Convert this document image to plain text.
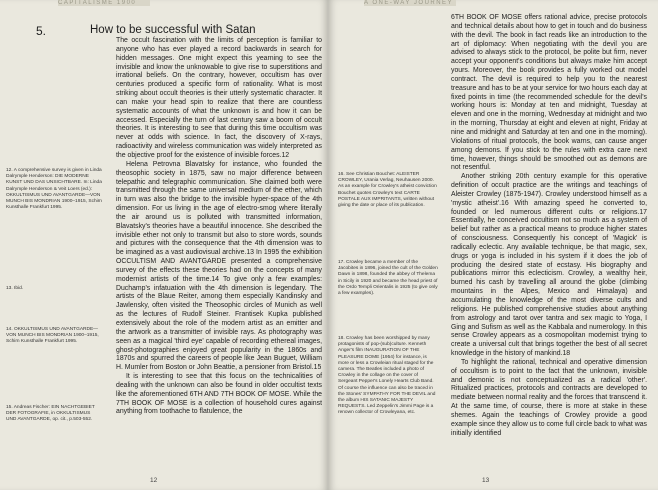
CAPITALISME 1900
5.	How to be successful with Satan

The occult fascination with the limits of perception is familiar to anyone who has ever played a record backwards in search for hidden messages. One might expect this yearning to see the invisible and know the unknowable to give rise to superstitions and irrational beliefs. On the contrary, however, occultism has over centuries produced a specific form of rationality. What is most striking about occult theories is their utterly systematic character. It can make your head spin to realize that there are countless systematic accounts of what the unknown is and how it can be accessed. Especially the turn of last century saw a boom of occult theories. It is interesting to see that during this time occultism was never at odds with science. In fact, the discovery of X-rays, radioactivity and wireless communication was widely interpreted as the objective proof for the existence of invisible forces.12

Helena Petrovna Blavatsky for instance, who founded the theosophic society in 1875, saw no major difference between telepathic and telegraphic communication. She claimed both were transmitted through the same universal medium of the ether, which in turn was also the bridge to the invisible hyper-space of the 4th dimension. For us living in the age of electro-smog where literally the air around us is polluted with transmitted information, Blavatsky's theories have a beautiful innocence. She described the invisible ether not only to transmit but also to store words, sounds and pictures with the consequence that the 4th dimension was to be imagined as a vast audiovisual archive.13 In 1995 the exhibition OCCULTISM AND AVANTGARDE presented a comprehensive survey of the effects these theories had on the concepts of many modernist artists of the time.14 To give only a few examples: Duchamp's infatuation with the 4th dimension is legendary. The artists of the Blaue Reiter, among them especially Kandinsky and Jawlensky, often visited the Theosophic circles of Munich as well as the lectures of Rudolf Steiner. Frantisek Kupka published extensively about the role of the modern artist as an emitter and the artwork as a transmitter of invisible rays. As photography was seen as a magical 'third eye' capable of recording ethereal images, ghost-photographies enjoyed great popularity in the 1860s and 1870s and spurred the careers of people like Jean Buguet, William H. Mumler from Boston or John Beattie, a pensioner from Bristol.15

It is interesting to see that this focus on the technicalities of dealing with the unknown can also be found in older occultist texts like the aforementioned 6TH AND 7TH BOOK OF MOSE. While the 7TH BOOK OF MOSE is a collection of household cures against anything from toothache to flatulence, the

12. A comprehensive survey is given in Linda Dalrymple Henderson: DIE MODERNE KUNST UND DAS UNSICHTBARE. In: Linda Dalrymple Henderson & Veit Loers (ed.): OKKULTISMUS UND AVANTGARDE—VON MUNCH BIS MONDRIAN 1900–1915, Schirn Kunsthalle Frankfurt 1995.
13. Ibid.
14. OKKULTISMUS UND AVANTGARDE—VON MUNCH BIS MONDRIAN 1900–1915, Schirn Kunsthalle Frankfurt 1995.
15. Andreas Fischer: EIN NACHTGEBIET DER FOTOGRAFIE, in OKKULTISMUS UND AVANTGARDE, op. cit., p.503-552.
12
A ONE-WAY JOURNEY

6TH BOOK OF MOSE offers rational advice, precise protocols and technical details about how to get in touch and do business with the devil. The book in fact reads like an introduction to the art of diplomacy: When negotiating with the devil you are advised to always stick to the protocol, be polite but firm, never accept your opponent's conditions but always make him accept yours. Moreover, the book provides a fully worked out model contract. The devil is required to help you to the nearest treasure and has to be at your service for two hours each day at fixed points in time (the recommended schedule for the devil's working hours is: Monday at ten and midnight, Tuesday at eleven and one in the morning, Wednesday at midnight and two in the morning, Thursday at eight and eleven at night, Friday at nine and midnight and Saturday at ten and one in the morning). Violations of ritual protocols, the book warns, can cause anger among demons. If you stick to the rules with extra care next time, however, things should be smoothed out as demons are not resentful.

Another striking 20th century example for this operative definition of occult practice are the writings and teachings of Aleister Crowley (1875-1947). Crowley understood himself as a 'mystic atheist'.16 With amazing speed he converted to, founded or led numerous different cults or religions.17 Essentially, he conceived occultism not so much as a system of belief but rather as a practical means to produce higher states of consciousness. Consequently his concept of 'Magick' is radically eclectic. Any available technique, be that magic, sex, drugs or yoga is included in his system if it does the job of producing the desired state of ecstasy. His biography and publications mirror this eclecticism. Crowley, a wealthy heir, burned his cash by travelling all around the globe (climbing mountains in the Alpes, Mexico and Himalaya) and accumulating the knowledge of the most diverse cults and religions. He published comprehensive studies about anything from astrology and tarot over tantra and sex magic to Yoga, I Ging and Sufism as well as the Kabbala and numerology. In this sense Crowley appears as a cosmopolitan modernist trying to create a universal cult that brings together the best of all secret knowledge in the history of mankind.18

To highlight the rational, technical and operative dimension of occultism is to point to the fact that the unknown, invisible and demonic is not conceptualized as a radical 'other'. Ritualized practices, protocols and contracts are developed to mediate between normal reality and the forces that transcend it. At the same time, of course, there is more at stake in these shemes. Again the teachings of Crowley provide a good example since they allow us to come full circle back to what was initially identified

16. See Christian Bouchet: ALEISTER CROWLEY, Urania Verlag, Neuhausen 2000. As an example for Crowley's atheist conviction Bouchet quotes Crowley's text CARTE POSTALE AUX IMPRITANTS, written without giving the date or place of its publication.
17. Crowley became a member of the Jacobites in 1896, joined the cult of the Golden Dawn in 1898, founded the abbey of Thelema in Sicily in 1920 and became the head priest of the Ordo Templi Orientalis in 1925 (to give only a few examples).
18. Crowley has been worshipped by many protagonists of pop-(sub)culture. Kenneth Anger's film INAUGURATION OF THE PLEASURE DOME (1954) for instance, is more or less a Crowleian ritual staged for the camera. The Beatles included a photo of Crowley in the collage on the cover of Sergeant Pepper's Lonely Hearts Club Band. Of course the influence can also be traced in the Stones' SYMPATHY FOR THE DEVIL and the album HIS SATANIC MAJESTY REQUESTS. Led Zeppelin's Jimmi Page is a renown collector of Crowleyana, etc.
13
